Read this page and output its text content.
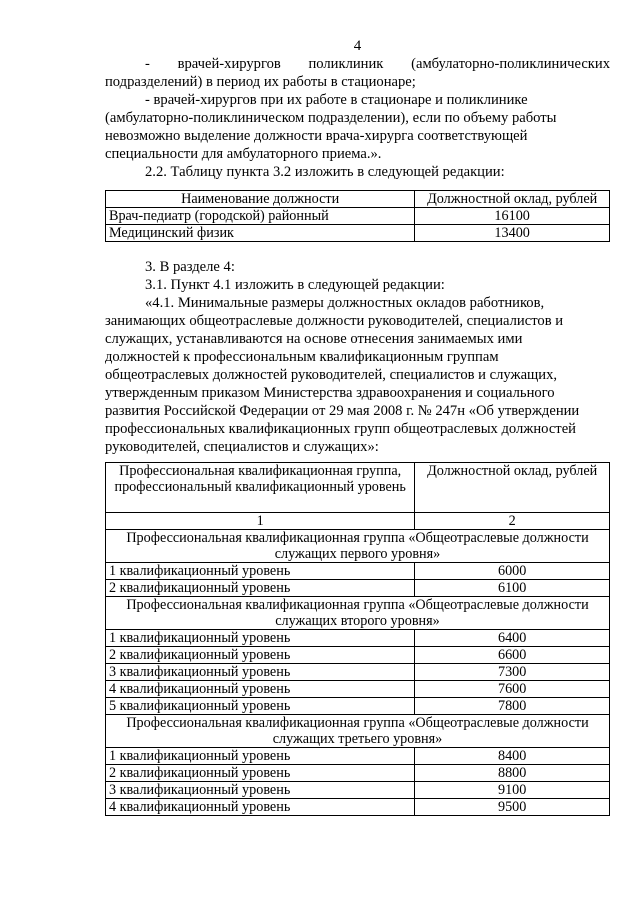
4
- врачей-хирургов поликлиник (амбулаторно-поликлинических
подразделений) в период их работы в стационаре;
- врачей-хирургов при их работе в стационаре и поликлинике
(амбулаторно-поликлиническом подразделении), если по объему работы
невозможно выделение должности врача-хирурга соответствующей
специальности для амбулаторного приема.».
2.2. Таблицу пункта 3.2 изложить в следующей редакции:
Наименование должности	Должностной оклад, рублей
Врач-педиатр (городской) районный	16100
Медицинский физик	13400
3. В разделе 4:
3.1. Пункт 4.1 изложить в следующей редакции:
«4.1. Минимальные размеры должностных окладов работников,
занимающих общеотраслевые должности руководителей, специалистов и
служащих, устанавливаются на основе отнесения занимаемых ими
должностей к профессиональным квалификационным группам
общеотраслевых должностей руководителей, специалистов и служащих,
утвержденным приказом Министерства здравоохранения и социального
развития Российской Федерации от 29 мая 2008 г. № 247н «Об утверждении
профессиональных квалификационных групп общеотраслевых должностей
руководителей, специалистов и служащих»:
Профессиональная квалификационная группа, профессиональный квалификационный уровень	Должностной оклад, рублей
1	2
Профессиональная квалификационная группа «Общеотраслевые должности служащих первого уровня»	
1 квалификационный уровень	6000
2 квалификационный уровень	6100
Профессиональная квалификационная группа «Общеотраслевые должности служащих второго уровня»	
1 квалификационный уровень	6400
2 квалификационный уровень	6600
3 квалификационный уровень	7300
4 квалификационный уровень	7600
5 квалификационный уровень	7800
Профессиональная квалификационная группа «Общеотраслевые должности служащих третьего уровня»	
1 квалификационный уровень	8400
2 квалификационный уровень	8800
3 квалификационный уровень	9100
4 квалификационный уровень	9500
